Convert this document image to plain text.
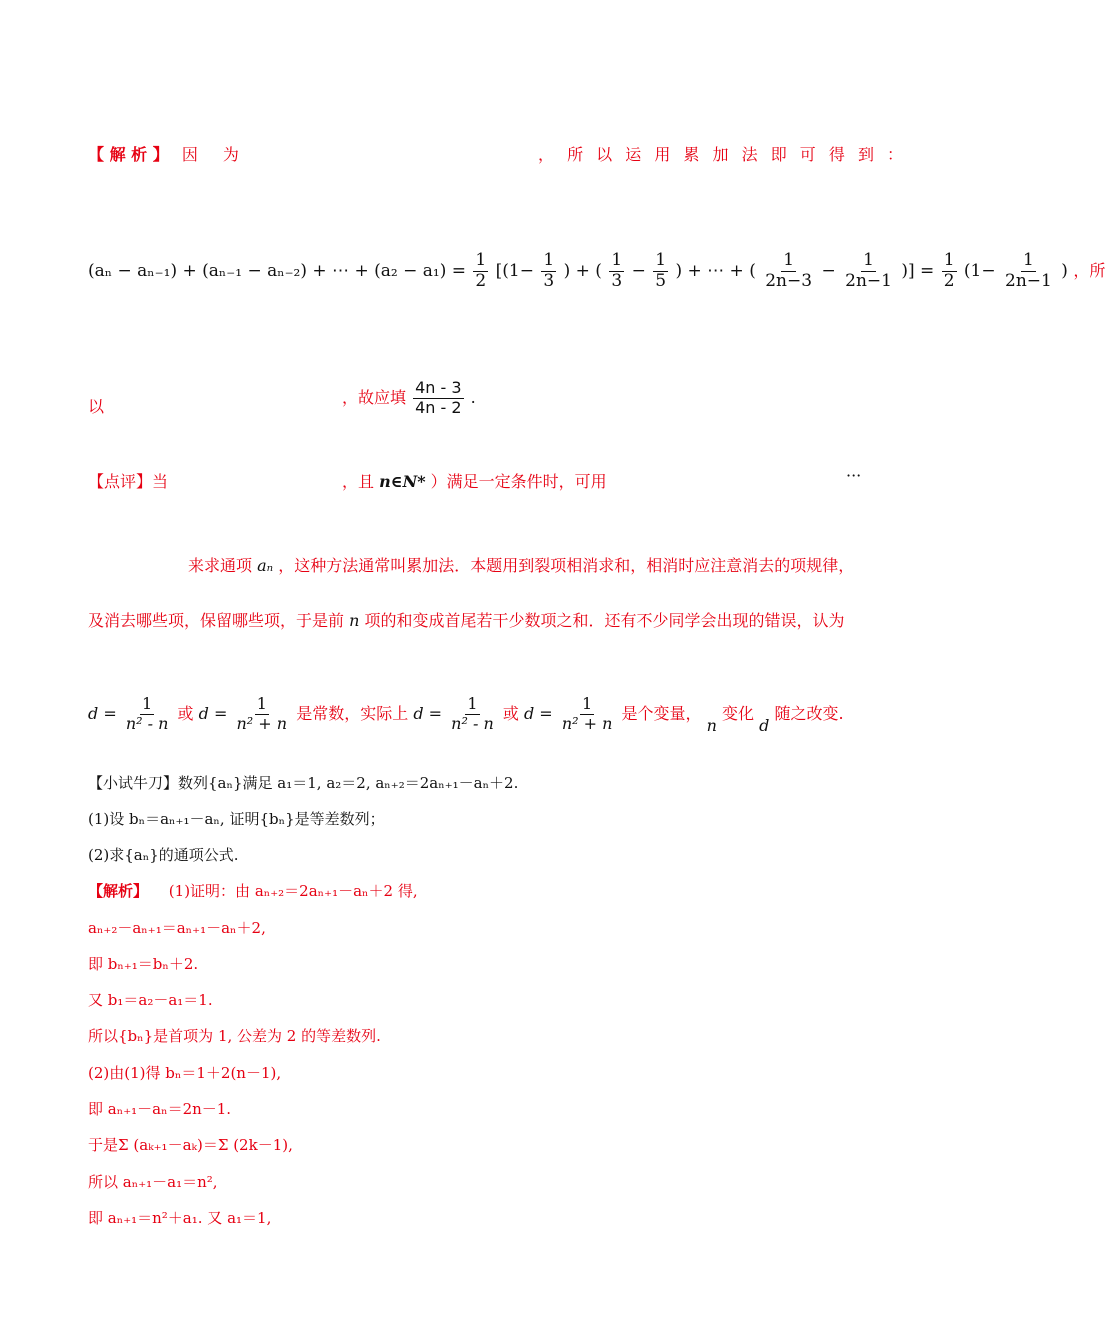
【 解 析 】 因 为	， 所 以 运 用 累 加 法 即 可 得 到 ：
(aₙ − aₙ₋₁) + (aₙ₋₁ − aₙ₋₂) + ⋯ + $(a_2 - a_1) = \frac{1}{2} [(1- \frac{1}{3}$ ) + ( $\frac{1}{3} - \frac{1}{5}$ ) + ⋯ + ( $\frac{1}{2n-3} - \frac{1}{2n-1}$ )] = $\frac{1}{2} (1- \frac{1}{2n-1}$ ) ，所
以	，故应填 $\frac{4n - 3}{4n - 2}$ .
【点评】当	，且 n∈N* ）满足一定条件时，可用	···
来求通项 aₙ ，这种方法通常叫累加法．本题用到裂项相消求和，相消时应注意消去的项规律，
及消去哪些项，保留哪些项，于是前 n 项的和变成首尾若干少数项之和．还有不少同学会出现的错误，认为
$d = \frac{1}{\text{n² - n}}$ 或 $d = \frac{1}{\text{n² + n}}$ 是常数，实际上 $d = \frac{1}{\text{n² - n}}$ 或 $d = \frac{1}{\text{n² + n}}$ 是个变量， n 变化 d 随之改变.
【小试牛刀】数列{aₙ}满足 a₁＝1, a₂＝2, aₙ₊₂＝2aₙ₊₁－aₙ＋2.
(1)设 bₙ＝aₙ₊₁－aₙ, 证明{bₙ}是等差数列；
(2)求{aₙ}的通项公式.
【解析】 (1)证明：由 aₙ₊₂＝2aₙ₊₁－aₙ＋2 得,
aₙ₊₂－aₙ₊₁＝aₙ₊₁－aₙ＋2,
即 bₙ₊₁＝bₙ＋2.
又 b₁＝a₂－a₁＝1.
所以{bₙ}是首项为 1, 公差为 2 的等差数列.
(2)由(1)得 bₙ＝1＋2(n－1),
即 aₙ₊₁－aₙ＝2n－1.
于是Σ (aₖ₊₁－aₖ)＝Σ (2k－1),
所以 aₙ₊₁－a₁＝n²,
即 aₙ₊₁＝n²＋a₁. 又 a₁＝1,
